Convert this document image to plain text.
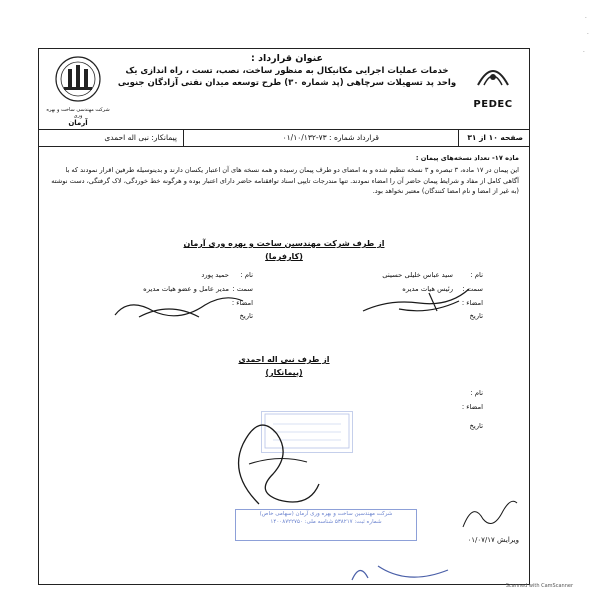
·
·
·
شرکت مهندسی ساخت و بهره وری
آرمان
عنوان قرارداد :
خدمات عملیات اجرایی مکانیکال به منظور ساخت، نصب، تست ، راه اندازی یک
واحد پد تسهیلات سرچاهی (پد شماره ۳۰) طرح توسعه میدان نفتی آزادگان جنوبی
PEDEC
صفحه ۱۰ از ۳۱
قرارداد شماره : ۷۳-۰۱/۱۰/۱۳۲
پیمانکار: نبی اله احمدی
ماده ۱۷- تعداد نسخه‌های پیمان :
این پیمان در ۱۷ ماده، ۳ تبصره و ۳ نسخه تنظیم شده و به امضای دو طرف پیمان رسیده و همه نسخه های آن اعتبار یکسان دارند و بدینوسیله طرفین اقرار نمودند که با آگاهی کامل از مفاد و شرایط پیمان حاضر آن را امضاء نمودند. تنها مندرجات تایپی اسناد توافقنامه حاضر دارای اعتبار بوده و هرگونه خط خوردگی، لاک گرفتگی، دست نوشته (به غیر از امضا و نام امضا کنندگان) معتبر نخواهد بود.
از طرف شرکت مهندسین ساخت و بهره وری آرمان
(کارفرما)
نام :
سید عباس خلیلی حسینی
سمت :
رئیس هیات مدیره
امضاء :
تاریخ
نام :
حمید پورد
سمت :
مدیر عامل و عضو هیات مدیره
امضاء :
تاریخ
از طرف نبی اله احمدی
(پیمانکار)
نام :
امضاء :
تاریخ
شرکت مهندسین ساخت و بهره وری آرمان (سهامی خاص)
شماره ثبت: ۵۳۸۲۱۷ شناسه ملی: ۱۴۰۰۸۷۲۲۷۵۰
ویرایش ۰۱/۰۷/۱۷
Scanned with CamScanner
